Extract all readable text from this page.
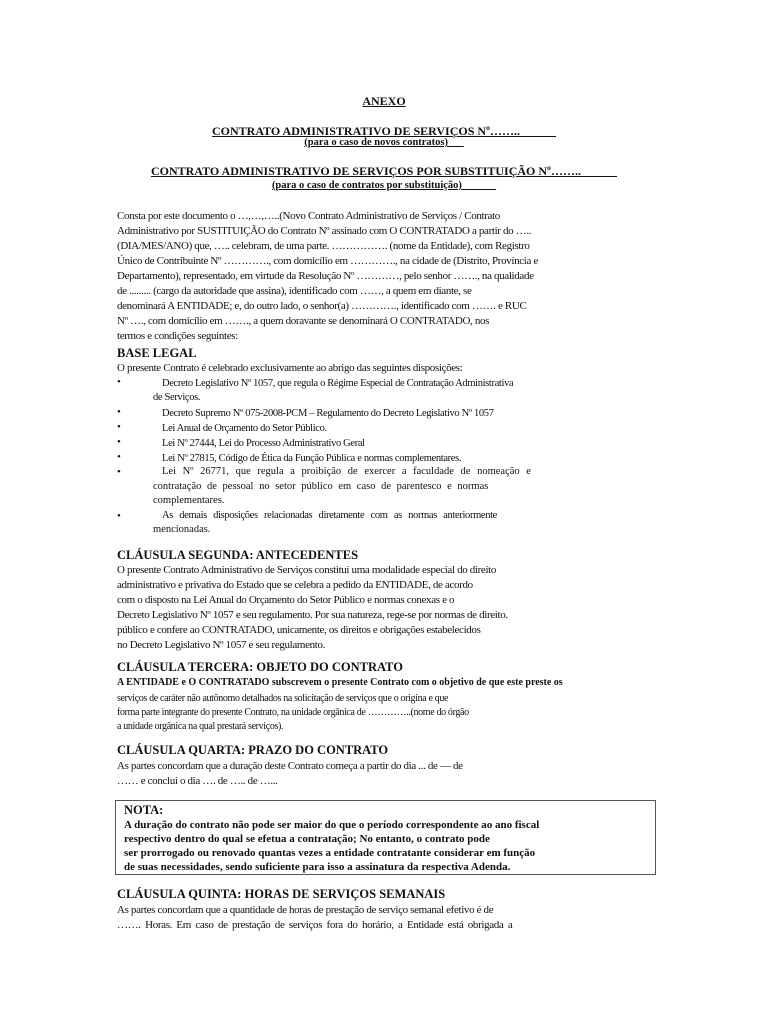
ANEXO
CONTRATO ADMINISTRATIVO DE SERVIÇOS Nº……..
(para o caso de novos contratos)
CONTRATO ADMINISTRATIVO DE SERVIÇOS POR SUBSTITUIÇÃO Nº……..
(para o caso de contratos por substituição)
Consta por este documento o …,…,…..(Novo Contrato Administrativo de Serviços / Contrato
Administrativo por SUSTITUIÇÃO do Contrato Nº assinado com O CONTRATADO a partir do …..
(DIA/MES/ANO) que, ….. celebram, de uma parte. ……………. (nome da Entidade), com Registro
Único de Contribuinte Nº …………., com domicílio em …………., na cidade de (Distrito, Província e
Departamento), representado, em virtude da Resolução Nº …………, pelo senhor ……., na qualidade
de ......... (cargo da autoridade que assina), identificado com ……, a quem em diante, se
denominará A ENTIDADE; e, do outro lado, o senhor(a) …………., identificado com ……. e RUC
Nº …., com domicílio em ……., a quem doravante se denominará O CONTRATADO, nos
termos e condições seguintes:
BASE LEGAL
O presente Contrato é celebrado exclusivamente ao abrigo das seguintes disposições:
•	Decreto Legislativo Nº 1057, que regula o Régime Especial de Contratação Administrativa
de Serviços.
•	Decreto Supremo Nº 075-2008-PCM – Regulamento do Decreto Legislativo Nº 1057
•	Lei Anual de Orçamento do Setor Público.
•	Lei Nº 27444, Lei do Processo Administrativo Geral
•	Lei Nº 27815, Código de Ética da Função Pública e normas complementares.
•	Lei Nº 26771, que regula a proibição de exercer a faculdade de nomeação e
contratação de pessoal no setor público em caso de parentesco e normas
complementares.
•	As demais disposições relacionadas diretamente com as normas anteriormente
mencionadas.
CLÁUSULA SEGUNDA: ANTECEDENTES
O presente Contrato Administrativo de Serviços constitui uma modalidade especial do direito
administrativo e privativa do Estado que se celebra a pedido da ENTIDADE, de acordo
com o disposto na Lei Anual do Orçamento do Setor Público e normas conexas e o
Decreto Legislativo Nº 1057 e seu regulamento. Por sua natureza, rege-se por normas de direito.
público e confere ao CONTRATADO, unicamente, os direitos e obrigações estabelecidos
no Decreto Legislativo Nº 1057 e seu regulamento.
CLÁUSULA TERCERA: OBJETO DO CONTRATO
A ENTIDADE e O CONTRATADO subscrevem o presente Contrato com o objetivo de que este preste os
serviços de caráter não autônomo detalhados na solicitação de serviços que o origina e que
forma parte integrante do presente Contrato, na unidade orgânica de …………..(nome do órgão
a unidade orgânica na qual prestará serviços).
CLÁUSULA QUARTA: PRAZO DO CONTRATO
As partes concordam que a duração deste Contrato começa a partir do dia ... de — de
…… e conclui o dia …. de ….. de …...
NOTA:
A duração do contrato não pode ser maior do que o período correspondente ao ano fiscal
respectivo dentro do qual se efetua a contratação; No entanto, o contrato pode
ser prorrogado ou renovado quantas vezes a entidade contratante considerar em função
de suas necessidades, sendo suficiente para isso a assinatura da respectiva Adenda.
CLÁUSULA QUINTA: HORAS DE SERVIÇOS SEMANAIS
As partes concordam que a quantidade de horas de prestação de serviço semanal efetivo é de
……. Horas. Em caso de prestação de serviços fora do horário, a Entidade está obrigada a
